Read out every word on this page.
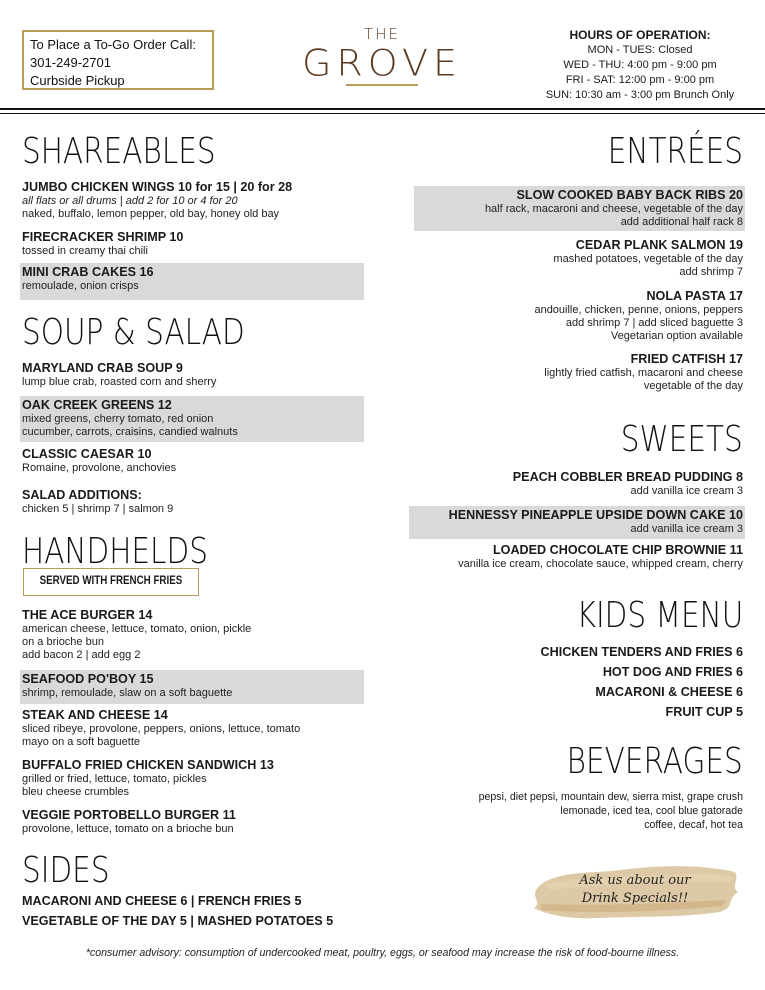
To Place a To-Go Order Call:
301-249-2701
Curbside Pickup
THE
GROVE
HOURS OF OPERATION:
MON - TUES: Closed
WED - THU: 4:00 pm - 9:00 pm
FRI - SAT: 12:00 pm - 9:00 pm
SUN: 10:30 am - 3:00 pm Brunch Only
SHAREABLES
JUMBO CHICKEN WINGS 10 for 15 | 20 for 28
all flats or all drums | add 2 for 10 or 4 for 20
naked, buffalo, lemon pepper, old bay, honey old bay
FIRECRACKER SHRIMP 10
tossed in creamy thai chili
MINI CRAB CAKES 16
remoulade, onion crisps
SOUP & SALAD
MARYLAND CRAB SOUP 9
lump blue crab, roasted corn and sherry
OAK CREEK GREENS 12
mixed greens, cherry tomato, red onion
cucumber, carrots, craisins, candied walnuts
CLASSIC CAESAR 10
Romaine, provolone, anchovies
SALAD ADDITIONS:
chicken 5 | shrimp 7 | salmon 9
HANDHELDS
SERVED WITH FRENCH FRIES
THE ACE BURGER 14
american cheese, lettuce, tomato, onion, pickle
on a brioche bun
add bacon 2 | add egg 2
SEAFOOD PO'BOY 15
shrimp, remoulade, slaw on a soft baguette
STEAK AND CHEESE 14
sliced ribeye, provolone, peppers, onions, lettuce, tomato
mayo on a soft baguette
BUFFALO FRIED CHICKEN SANDWICH 13
grilled or fried, lettuce, tomato, pickles
bleu cheese crumbles
VEGGIE PORTOBELLO BURGER 11
provolone, lettuce, tomato on a brioche bun
SIDES
MACARONI AND CHEESE 6 | FRENCH FRIES 5
VEGETABLE OF THE DAY 5 | MASHED POTATOES 5
ENTRÉES
SLOW COOKED BABY BACK RIBS 20
half rack, macaroni and cheese, vegetable of the day
add additional half rack 8
CEDAR PLANK SALMON 19
mashed potatoes, vegetable of the day
add shrimp 7
NOLA PASTA 17
andouille, chicken, penne, onions, peppers
add shrimp 7 | add sliced baguette 3
Vegetarian option available
FRIED CATFISH 17
lightly fried catfish, macaroni and cheese
vegetable of the day
SWEETS
PEACH COBBLER BREAD PUDDING 8
add vanilla ice cream 3
HENNESSY PINEAPPLE UPSIDE DOWN CAKE 10
add vanilla ice cream 3
LOADED CHOCOLATE CHIP BROWNIE 11
vanilla ice cream, chocolate sauce, whipped cream, cherry
KIDS MENU
CHICKEN TENDERS AND FRIES 6
HOT DOG AND FRIES 6
MACARONI & CHEESE 6
FRUIT CUP 5
BEVERAGES
pepsi, diet pepsi, mountain dew, sierra mist, grape crush
lemonade, iced tea, cool blue gatorade
coffee, decaf, hot tea
Ask us about our
Drink Specials!!
*consumer advisory: consumption of undercooked meat, poultry, eggs, or seafood may increase the risk of food-bourne illness.
